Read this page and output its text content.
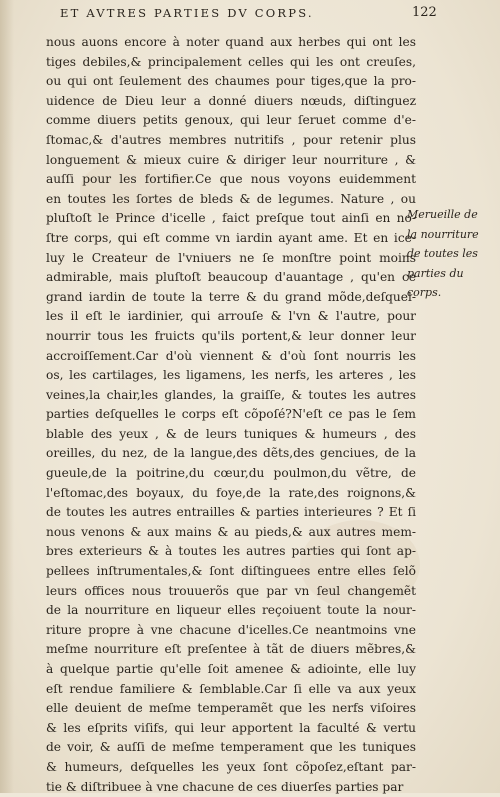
ET AVTRES PARTIES DV CORPS.	122
nous auons encore à noter quand aux herbes qui ont les
tiges debiles,& principalement celles qui les ont creuſes,
ou qui ont ſeulement des chaumes pour tiges,que la pro-
uidence de Dieu leur a donné diuers nœuds, diſtinguez
comme diuers petits genoux, qui leur ſeruet comme d'e-
ſtomac,& d'autres membres nutritifs , pour retenir plus
longuement & mieux cuire & diriger leur nourriture , &
auſſi pour les fortifier.Ce que nous voyons euidemment
en toutes les ſortes de bleds & de legumes. Nature , ou
pluſtoſt le Prince d'icelle , faict preſque tout ainſi en no-
ſtre corps, qui eſt comme vn iardin ayant ame. Et en ice-
luy le Createur de l'vniuers ne ſe monſtre point moins
admirable, mais pluſtoſt beaucoup d'auantage , qu'en ce
grand iardin de toute la terre & du grand mõde,deſquel-
les il eſt le iardinier, qui arrouſe & l'vn & l'autre, pour
nourrir tous les fruicts qu'ils portent,& leur donner leur
accroiſſement.Car d'où viennent & d'où ſont nourris les
os, les cartilages, les ligamens, les nerfs, les arteres , les
veines,la chair,les glandes, la graiſſe, & toutes les autres
parties deſquelles le corps eſt cõpoſé?N'eſt ce pas le ſem
blable des yeux , & de leurs tuniques & humeurs , des
oreilles, du nez, de la langue,des dẽts,des genciues, de la
gueule,de la poitrine,du cœur,du poulmon,du vẽtre, de
l'eſtomac,des boyaux, du foye,de la rate,des roignons,&
de toutes les autres entrailles & parties interieures ? Et ſi
nous venons & aux mains & au pieds,& aux autres mem-
bres exterieurs & à toutes les autres parties qui ſont ap-
pellees inſtrumentales,& ſont diſtinguees entre elles ſelõ
leurs offices nous trouuerõs que par vn ſeul changemẽt
de la nourriture en liqueur elles reçoiuent toute la nour-
riture propre à vne chacune d'icelles.Ce neantmoins vne
meſme nourriture eſt preſentee à tãt de diuers mẽbres,&
à quelque partie qu'elle ſoit amenee & adiointe, elle luy
eſt rendue familiere & ſemblable.Car ſi elle va aux yeux
elle deuient de meſme temperamẽt que les nerfs viſoires
& les eſprits viſifs, qui leur apportent la faculté & vertu
de voir, & auſſi de meſme temperament que les tuniques
& humeurs, deſquelles les yeux ſont cõpoſez,eſtant par-
tie & diſtribuee à vne chacune de ces diuerſes parties par
Merueille de
la nourriture
de toutes les
parties du
corps.
